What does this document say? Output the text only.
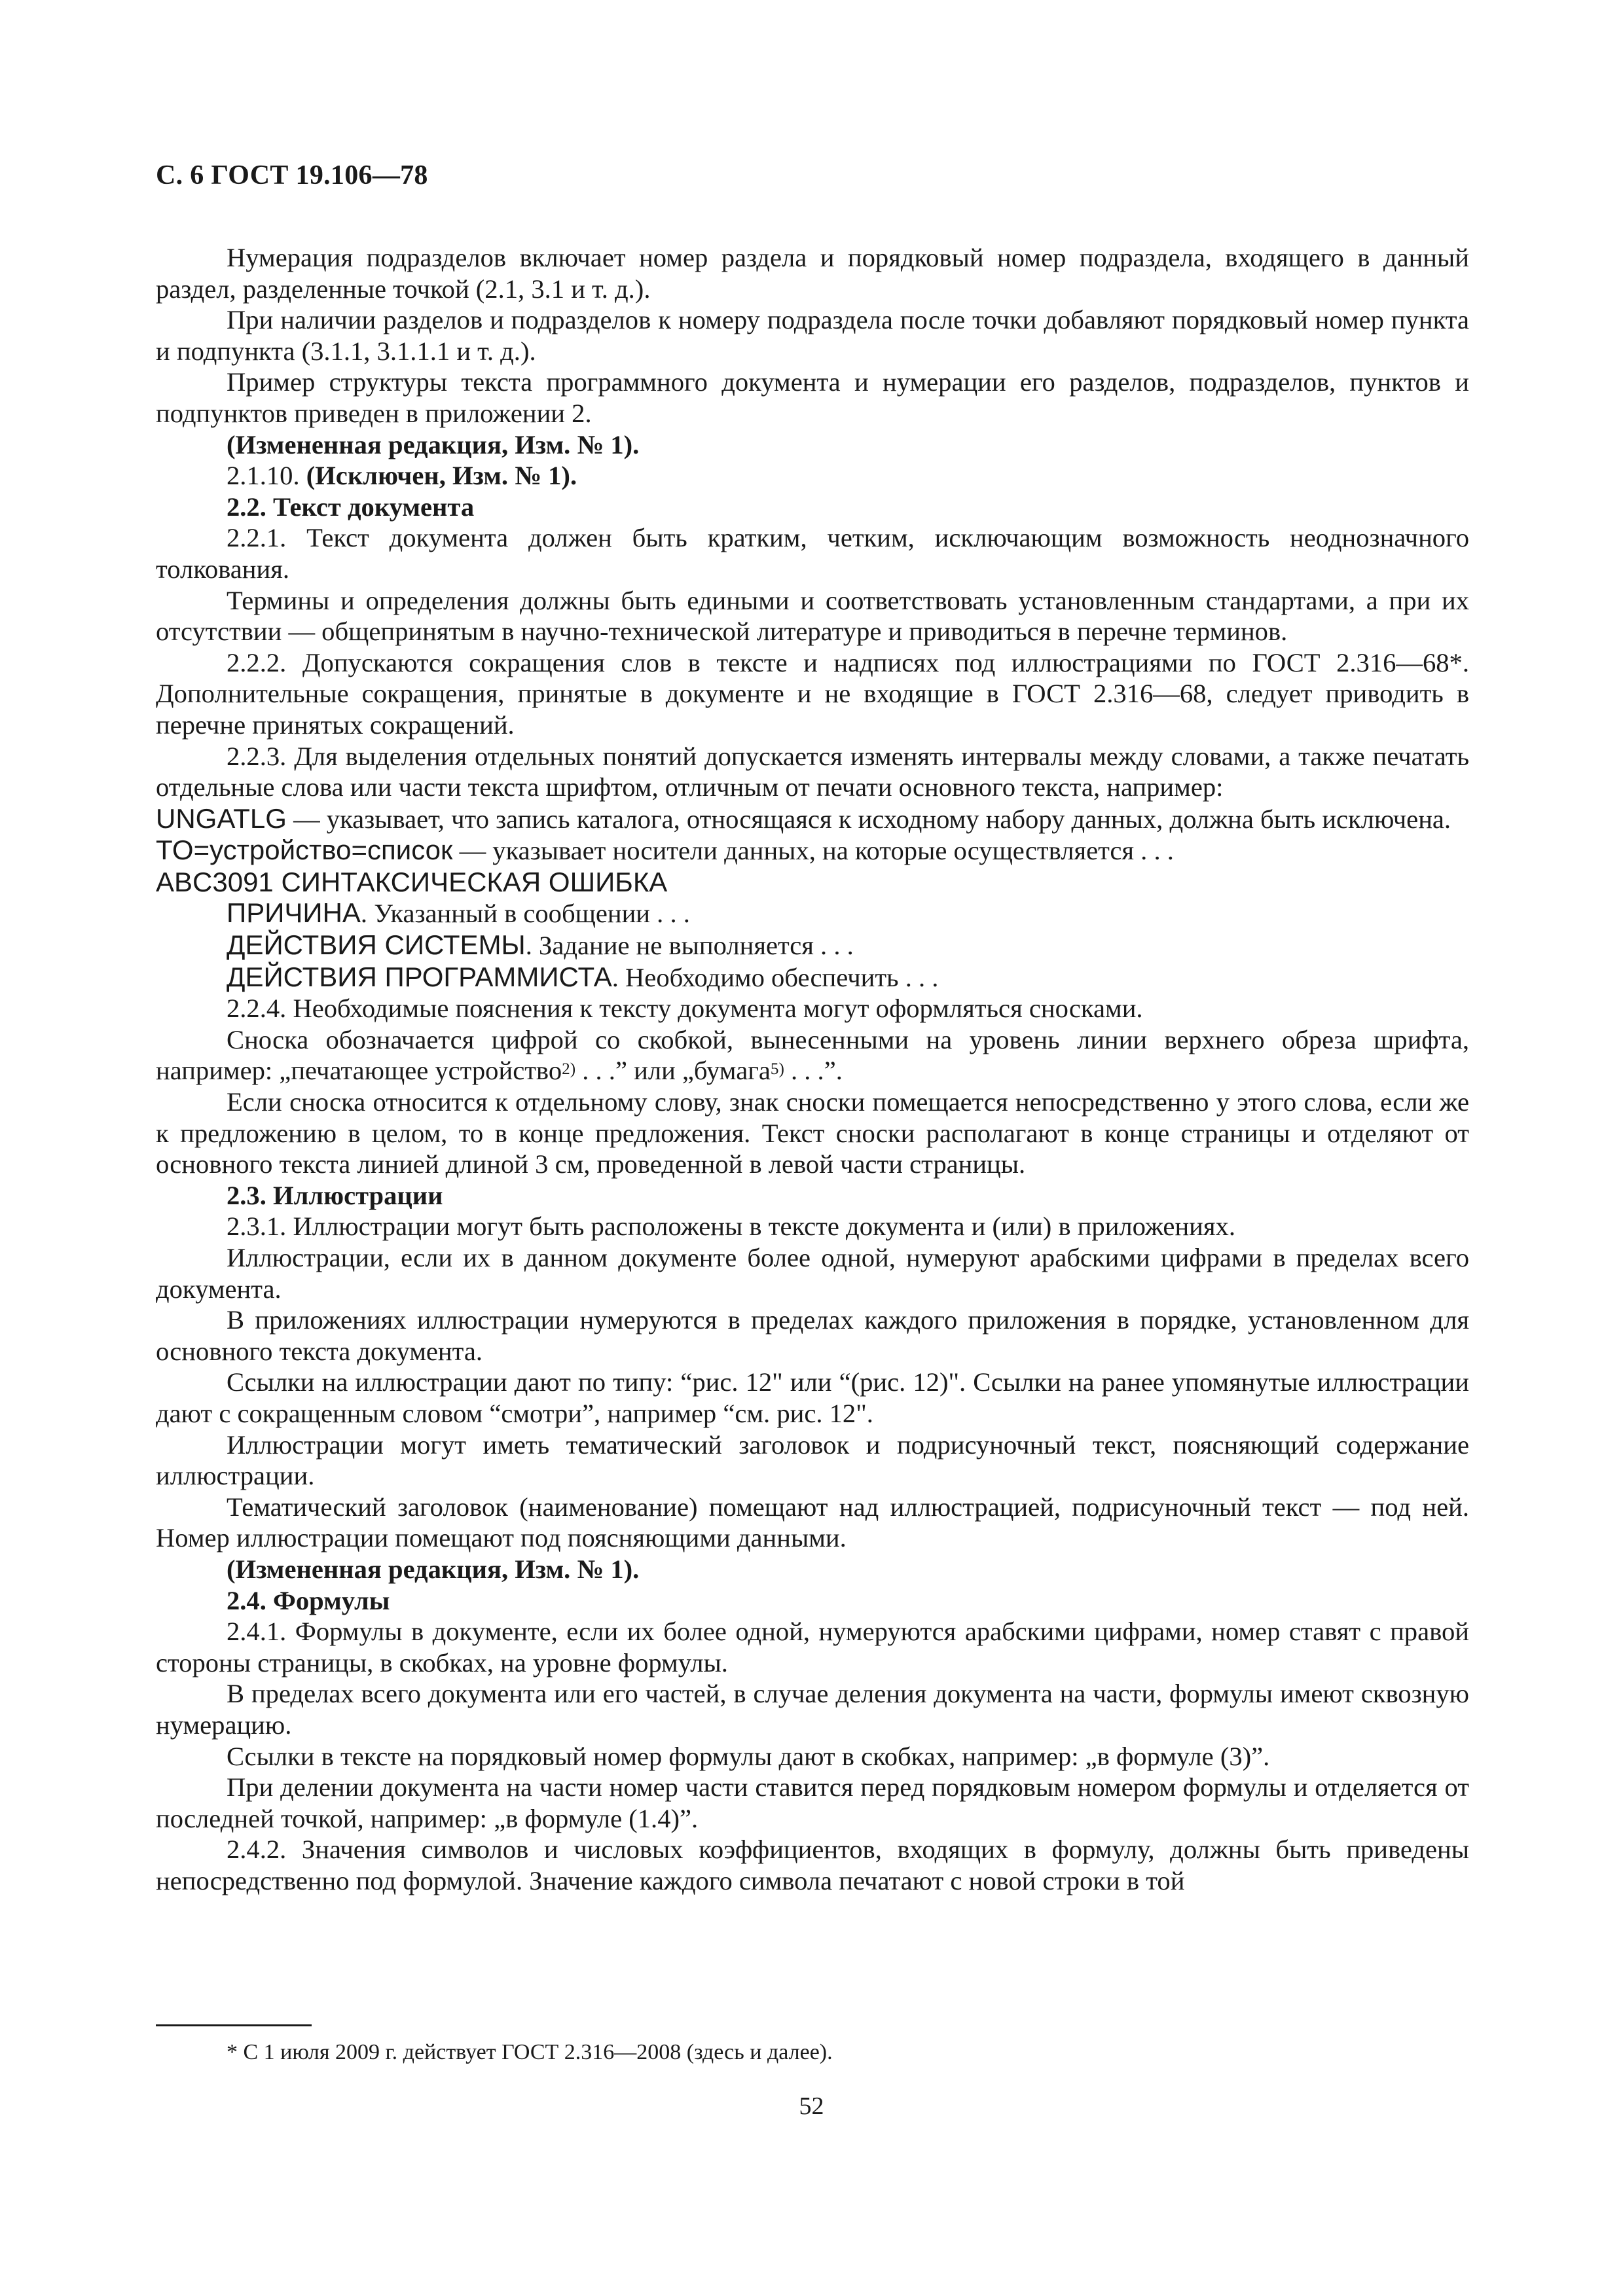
С. 6 ГОСТ 19.106—78

Нумерация подразделов включает номер раздела и порядковый номер подраздела, входящего в данный раздел, разделенные точкой (2.1, 3.1 и т. д.).

При наличии разделов и подразделов к номеру подраздела после точки добавляют порядковый номер пункта и подпункта (3.1.1, 3.1.1.1 и т. д.).

Пример структуры текста программного документа и нумерации его разделов, подразделов, пунктов и подпунктов приведен в приложении 2.

(Измененная редакция, Изм. № 1).

2.1.10. (Исключен, Изм. № 1).

2.2. Текст документа

2.2.1. Текст документа должен быть кратким, четким, исключающим возможность неоднозначного толкования.

Термины и определения должны быть едиными и соответствовать установленным стандартами, а при их отсутствии — общепринятым в научно-технической литературе и приводиться в перечне терминов.

2.2.2. Допускаются сокращения слов в тексте и надписях под иллюстрациями по ГОСТ 2.316—68*. Дополнительные сокращения, принятые в документе и не входящие в ГОСТ 2.316—68, следует приводить в перечне принятых сокращений.

2.2.3. Для выделения отдельных понятий допускается изменять интервалы между словами, а также печатать отдельные слова или части текста шрифтом, отличным от печати основного текста, например:

UNGATLG — указывает, что запись каталога, относящаяся к исходному набору данных, должна быть исключена.

TO=устройство=список — указывает носители данных, на которые осуществляется . . .

ABC3091 СИНТАКСИЧЕСКАЯ ОШИБКА

ПРИЧИНА. Указанный в сообщении . . .

ДЕЙСТВИЯ СИСТЕМЫ. Задание не выполняется . . .

ДЕЙСТВИЯ ПРОГРАММИСТА. Необходимо обеспечить . . .

2.2.4. Необходимые пояснения к тексту документа могут оформляться сносками.

Сноска обозначается цифрой со скобкой, вынесенными на уровень линии верхнего обреза шрифта, например: „печатающее устройство$^{2)}$ . . .” или „бумага$^{5)}$ . . .”.

Если сноска относится к отдельному слову, знак сноски помещается непосредственно у этого слова, если же к предложению в целом, то в конце предложения. Текст сноски располагают в конце страницы и отделяют от основного текста линией длиной 3 см, проведенной в левой части страницы.

2.3. Иллюстрации

2.3.1. Иллюстрации могут быть расположены в тексте документа и (или) в приложениях.

Иллюстрации, если их в данном документе более одной, нумеруют арабскими цифрами в пределах всего документа.

В приложениях иллюстрации нумеруются в пределах каждого приложения в порядке, установленном для основного текста документа.

Ссылки на иллюстрации дают по типу: “рис. 12" или “(рис. 12)". Ссылки на ранее упомянутые иллюстрации дают с сокращенным словом “смотри”, например “см. рис. 12".

Иллюстрации могут иметь тематический заголовок и подрисуночный текст, поясняющий содержание иллюстрации.

Тематический заголовок (наименование) помещают над иллюстрацией, подрисуночный текст — под ней. Номер иллюстрации помещают под поясняющими данными.

(Измененная редакция, Изм. № 1).

2.4. Формулы

2.4.1. Формулы в документе, если их более одной, нумеруются арабскими цифрами, номер ставят с правой стороны страницы, в скобках, на уровне формулы.

В пределах всего документа или его частей, в случае деления документа на части, формулы имеют сквозную нумерацию.

Ссылки в тексте на порядковый номер формулы дают в скобках, например: „в формуле (3)”.

При делении документа на части номер части ставится перед порядковым номером формулы и отделяется от последней точкой, например: „в формуле (1.4)”.

2.4.2. Значения символов и числовых коэффициентов, входящих в формулу, должны быть приведены непосредственно под формулой. Значение каждого символа печатают с новой строки в той

* С 1 июля 2009 г. действует ГОСТ 2.316—2008 (здесь и далее).
52
